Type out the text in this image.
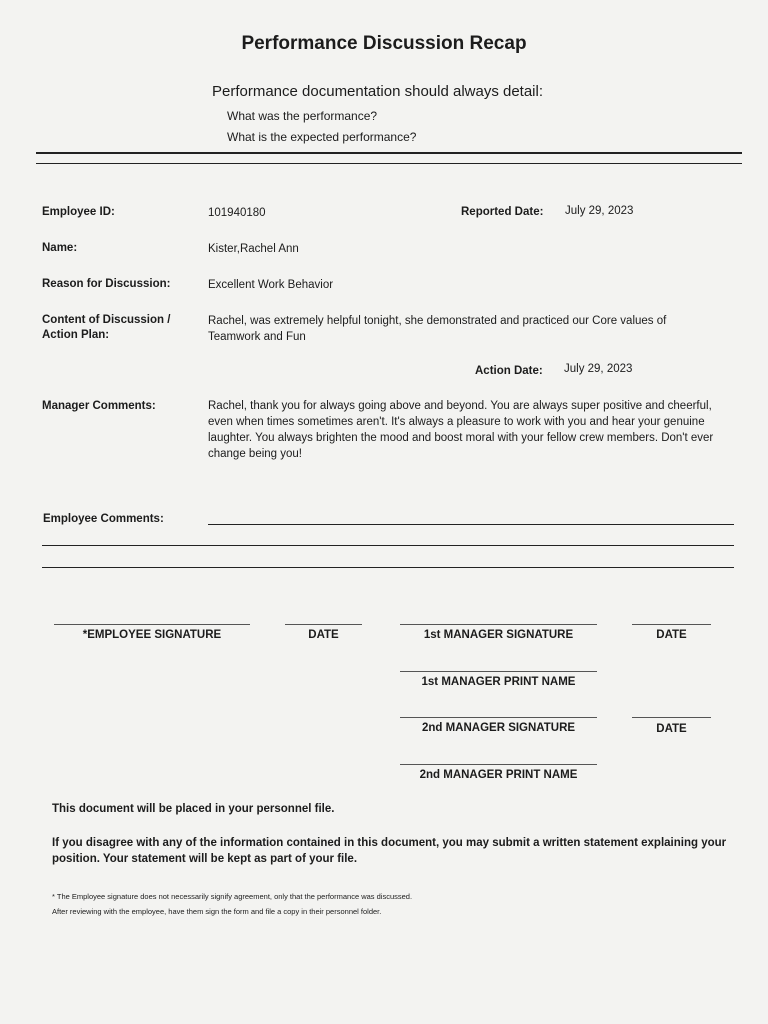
Performance Discussion Recap
Performance documentation should always detail:
What was the performance?
What is the expected performance?
Employee ID:	101940180	Reported Date: July 29, 2023
Name:	Kister,Rachel Ann
Reason for Discussion:	Excellent Work Behavior
Content of Discussion /
Action Plan:
Rachel, was extremely helpful tonight, she demonstrated and practiced our Core values of Teamwork and Fun
Action Date: July 29, 2023
Manager Comments:	Rachel, thank you for always going above and beyond. You are always super positive and cheerful, even when times sometimes aren't. It's always a pleasure to work with you and hear your genuine laughter. You always brighten the mood and boost moral with your fellow crew members. Don't ever change being you!
Employee Comments:
*EMPLOYEE SIGNATURE	DATE	1st MANAGER SIGNATURE	DATE
1st MANAGER PRINT NAME
2nd MANAGER SIGNATURE	DATE
2nd MANAGER PRINT NAME
This document will be placed in your personnel file.
If you disagree with any of the information contained in this document, you may submit a written statement explaining your position. Your statement will be kept as part of your file.
* The Employee signature does not necessarily signify agreement, only that the performance was discussed.
After reviewing with the employee, have them sign the form and file a copy in their personnel folder.
